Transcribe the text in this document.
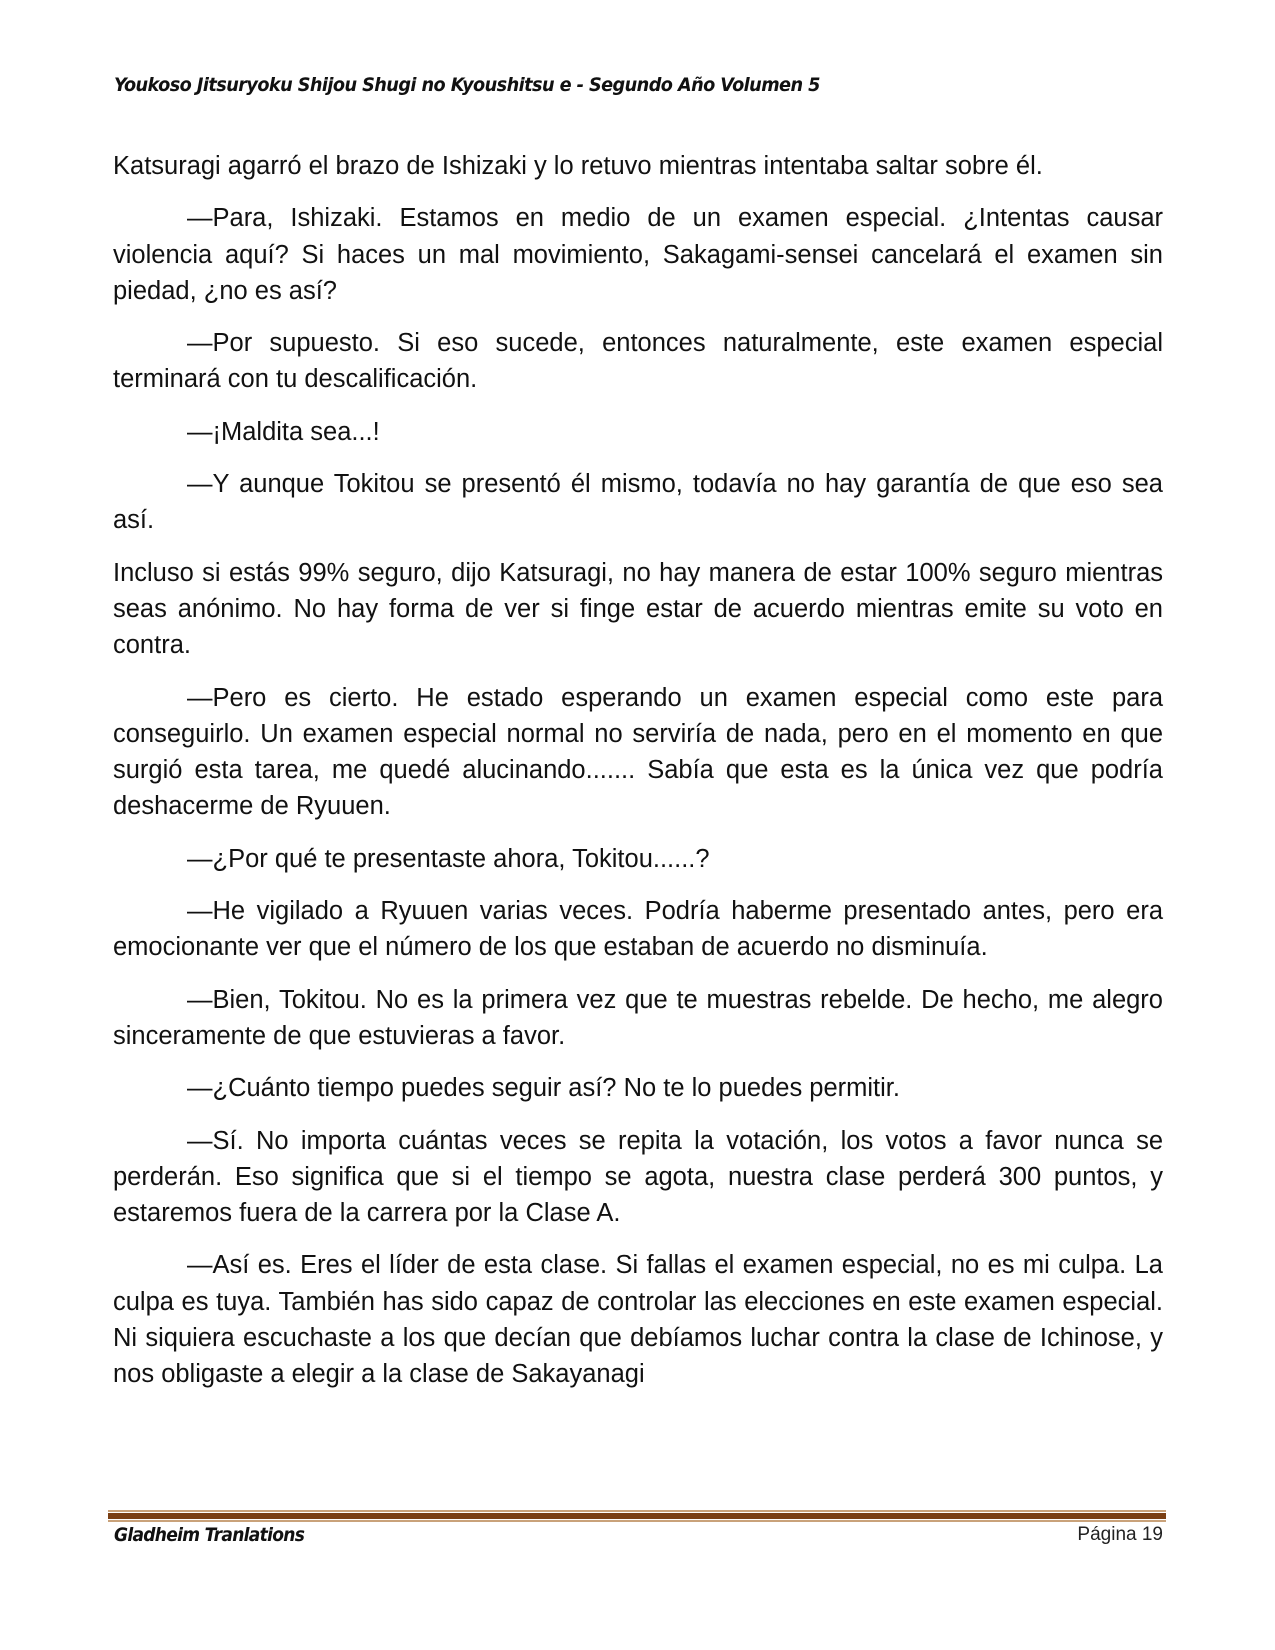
Youkoso Jitsuryoku Shijou Shugi no Kyoushitsu e - Segundo Año Volumen 5

Katsuragi agarró el brazo de Ishizaki y lo retuvo mientras intentaba saltar sobre él.

—Para, Ishizaki. Estamos en medio de un examen especial. ¿Intentas causar violencia aquí? Si haces un mal movimiento, Sakagami-sensei cancelará el examen sin piedad, ¿no es así?

—Por supuesto. Si eso sucede, entonces naturalmente, este examen especial terminará con tu descalificación.

—¡Maldita sea...!

—Y aunque Tokitou se presentó él mismo, todavía no hay garantía de que eso sea así.

Incluso si estás 99% seguro, dijo Katsuragi, no hay manera de estar 100% seguro mientras seas anónimo. No hay forma de ver si finge estar de acuerdo mientras emite su voto en contra.

—Pero es cierto. He estado esperando un examen especial como este para conseguirlo. Un examen especial normal no serviría de nada, pero en el momento en que surgió esta tarea, me quedé alucinando....... Sabía que esta es la única vez que podría deshacerme de Ryuuen.

—¿Por qué te presentaste ahora, Tokitou......?

—He vigilado a Ryuuen varias veces. Podría haberme presentado antes, pero era emocionante ver que el número de los que estaban de acuerdo no disminuía.

—Bien, Tokitou. No es la primera vez que te muestras rebelde. De hecho, me alegro sinceramente de que estuvieras a favor.

—¿Cuánto tiempo puedes seguir así? No te lo puedes permitir.

—Sí. No importa cuántas veces se repita la votación, los votos a favor nunca se perderán. Eso significa que si el tiempo se agota, nuestra clase perderá 300 puntos, y estaremos fuera de la carrera por la Clase A.

—Así es. Eres el líder de esta clase. Si fallas el examen especial, no es mi culpa. La culpa es tuya. También has sido capaz de controlar las elecciones en este examen especial. Ni siquiera escuchaste a los que decían que debíamos luchar contra la clase de Ichinose, y nos obligaste a elegir a la clase de Sakayanagi

Gladheim Tranlations	Página 19
